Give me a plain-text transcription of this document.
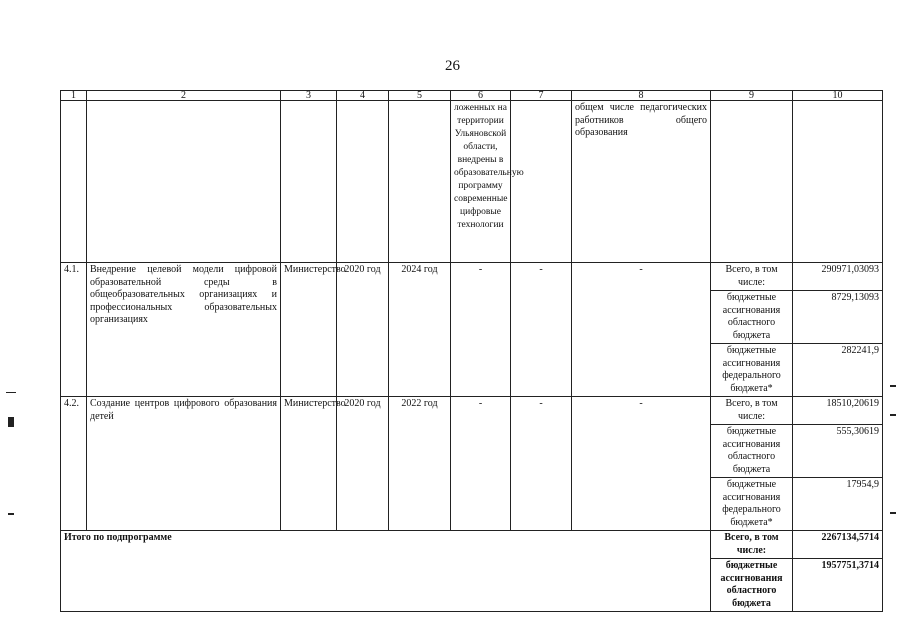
26
1	2	3	4	5	6	7	8	9	10
					ложенных на территории Ульяновской области, внедрены в образовательную программу современные цифровые технологии		общем числе педагогических работников общего образования		
4.1.	Внедрение целевой модели цифровой образовательной среды в общеобразовательных организациях и профессиональных образовательных организациях	Министерство	2020 год	2024 год	-	-	-	Всего, в том числе:	290971,03093
								бюджетные ассигнования областного бюджета	8729,13093
								бюджетные ассигнования федерального бюджета*	282241,9
4.2.	Создание центров цифрового образования детей	Министерство	2020 год	2022 год	-	-	-	Всего, в том числе:	18510,20619
								бюджетные ассигнования областного бюджета	555,30619
								бюджетные ассигнования федерального бюджета*	17954,9
Итого по подпрограмме								Всего, в том числе:	2267134,5714
								бюджетные ассигнования областного бюджета	1957751,3714
